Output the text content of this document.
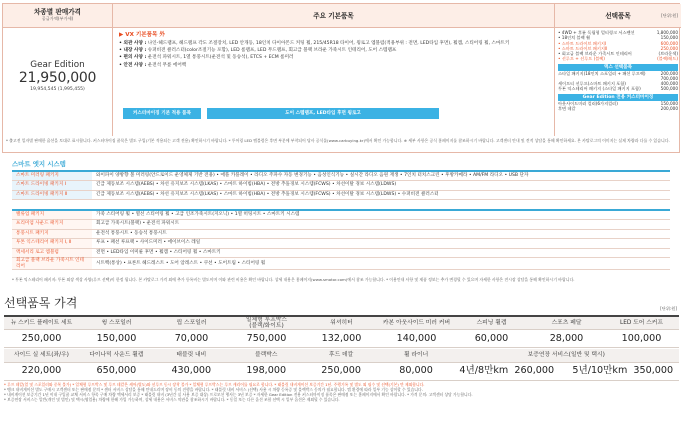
차종별 판매가격
공급가액(부가세)	주요 기본품목	선택품목	[단위:원]
Gear Edition
21,950,000
19,954,545 (1,995,455)
▶ VX 기본품목 外
• 외관 사양 : 나인-헤드램프, 헤드램프 각도 조절장치, LED 안개등, 18인치 다이아몬드 커팅 휠, 215/45R18 타이어, 윙로고 엠블럼(적용부위 : 전면, LED타입 후면), 휠캡, 스티어링 휠, 스마트키
• 내장 사양 : 슈퍼비전 클러스터(color조절기능 포함), LED 룸램프, LED 무드램프, 회고급 블랙 브라운 가죽시트 인테리어, 도어 스텝램프
• 편의 사양 : 운전석 파워시트, 1열 통풍시트(운전석 및 동승석), ETCS + ECM 룸미러
• 안전 사양 : 운전석 무릎 에어백
커스터마이징 기본 적용 품목	도어 스텝램프, LED타입 후면 윙로고
• 4WD + 후륜 독립형 멀티링크 서스펜션	1,800,000
• 18인치 블랙 휠	150,000
• 스마트 드라이브 패키지Ⅰ	600,000
• 스마트 드라이브 패키지Ⅱ	250,000
• 회고급 블랙 브라운 가죽시트 인테리어	(브라운색)
• 선루프 + 선루프 (블랙)	(블랙/레드)
액스 선택품목
스타일 패키지(18인치 스포일러 + 패션 루프랙)	200,000
700,000
세이프티 선루프(스마트 패키지 포함)	400,000
투톤 익스테리어 패키지 (스타일 패키지 포함)	500,000
Gear Edition 전용 커스터마이징
아웃사이드미러 컬러(6가지컬러)	150,000
후면 데칼	200,000
* 출고전 일자별 판매한 옵션을 토대로 표시합니다. 커스터마이징 품목은 별도 구입(기본 적용되는 고객 전용) 확인하시기 바랍니다. * 투어링 LED 엠블럼은 후면 부분에 부착되어 당사 공식몰(www.carbuying.kr)에서 확인 가능합니다. ※ 세부 사항은 공식 홈페이지를 참조하시기 바랍니다. 고객센터 안내 및 견적 상담을 통해 확인하세요. 본 카탈로그의 이미지는 실제 차량과 다를 수 있습니다.
스마트 엣지 시스템
스마트 미러링 패키지	와이파이 양방향 볼 미러링(안드로이드 운영체제 기반 전용) • 애플 카플레이 • 라디오 주파수 자동 변경기능 • 음성인식기능 • 실시간 라디오 음원 재생 • 7인치 터치스크린 • 후방카메라 • AM/FM 라디오 • USB 단자
스마트 드라이빙 패키지 Ⅰ	긴급 제동보조 시스템(AEBS) • 차선 유지보조 시스템(LKAS) • 스마트 하이빔(HBA) • 전방 추돌경보 시스템(FCWS) • 차선이탈 경보 시스템(LDWS)
스마트 드라이빙 패키지 Ⅱ	긴급 제동보조 시스템(AEBS) • 차선 유지보조 시스템(LKAS) • 스마트 하이빔(HBA) • 전방 추돌경보 시스템(FCWS) • 차선이탈 경보 시스템(LDWS) • 수퍼비전 클러스터
밸류업 패키지	가죽 스티어링 휠 • 열선 스티어링 휠 • 고급 인조가죽시트(지오닉) • 1열 히팅시트 • 스마트키 시스템
프리미엄 사운드 패키지	회고급 가죽시트(블랙) • 운전석 파워시트
통풍시트 패키지	운전석 통풍시트 • 동승석 통풍시트
투톤 익스테리어 패키지 Ⅰ, Ⅱ	루프 • 패션 루프랙 • 사이드미러 • 에이브이스 레일
액세서리 로고 엠블럼	전면 • LED타입 이미륜 후면 • 휠캡 • 스티어링 휠 • 스마트키
회고급 블랙 브라운 가죽시트 인테리어	시트백(통상) • 프론트 헤드레스트 • 도어 암레스트 • 쿠션 • 도어트림 • 스티어링 휠
* 투톤 익스테리어 패키지: 투톤 외장 색상 사양(루프 선택)이 한정 됩니다. 본 카탈로그 가격 외에 추가 등록비는 별도이며 이와 관련 비용은 확인 바랍니다. 상세 내용은 홈페이지(www.smotor.com)에서 참조 가능합니다. * 이용안내 사항 및 제품 정보는 추가 변경될 수 있으며 자세한 사항은 전시장 상담을 통해 확인하시기 바랍니다.
선택품목 가격	[단위:원]
뉴 스키드 플레이트 세트	윙 스포일러	립 스포일러	일체형 루프박스
(블랙/화이트)	워셔히터	카본 아웃사이드 미러 커버	스피닝 휠캡	스포츠 페달	LED 도어 스커프
250,000	150,000	70,000	750,000	132,000	140,000	60,000	28,000	100,000
사이드 실 세트(좌/우)	다이나믹 사운드 휠캡	태블릿 내비	블랙박스	후드 데칼	휠 라이너	보증연장 서비스(일반 및 택시)
220,000	650,000	430,000	198,000	250,000	80,000	4년/8만km  260,000      5년/10만km  350,000
* 루프 데칼(얼 및 스포일러와 중복 불가) * 일체형 루프박스 및 루프 데칼은 셰어(별도)와 선루프 동시 장착 불가 * 일체형 루프박스는 루프 캐리어를 필요로 합니다. * 태블릿 내비게이션 보증기간 1년. 주행기록 및 별도 외 필수 및 선택(기본) 만 제외합니다.
* 탱크 내비게이션 별도 구매시 고객센터 또는 판매점 문의 * 센터 서비스 상담을 통해 안내드리며 장비 동의 진행을 바랍니다. * 태블릿 내비 서비스 (선택) 사용 시 차량 등록증 및 블랙박스 동의가 필요합니다. 앱 환경에 따라 일부 기능 상이할 수 있습니다.
* 내비게이션 보증기간 1년 이내 구입품 교체 서비스 항목 구매 차량 액세서리 보증 * 태블릿 내비 (3년간 실 사용 보증 대상) 프로모션 행사는 3년 보증 * 자세한 Gear Edition 전용 커스터마이징 품목은 판매점 또는 홈페이지에서 확인 바랍니다. * 가격 문의: 고객센터 상담 가능합니다.
* 보증연장 서비스는 일반(개인 및 법인) 및 택시(영업용) 차량에 한해 가입 가능하며, 상세 내용은 서비스 약관을 참조하시기 바랍니다. * 동일 또는 다른 옵션 조합 선택 시 일부 옵션은 제외될 수 있습니다.
